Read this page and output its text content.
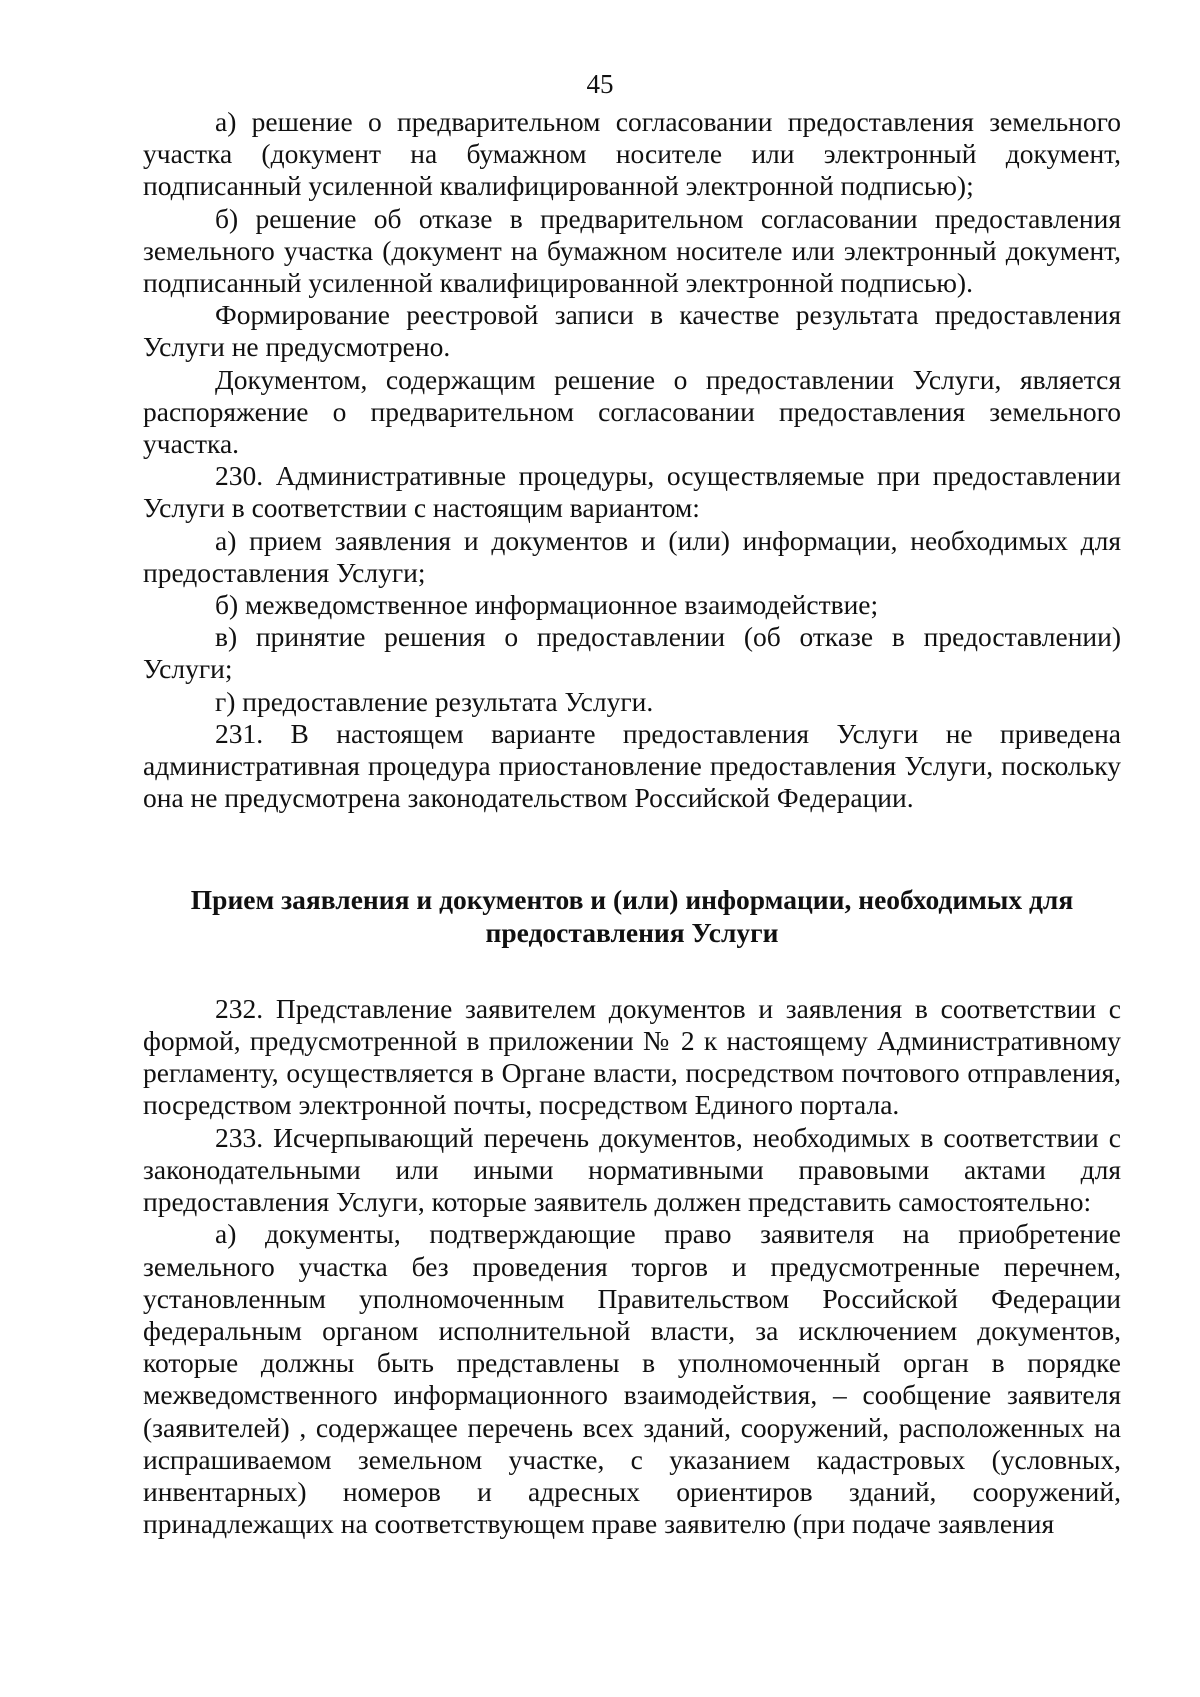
45

а) решение о предварительном согласовании предоставления земельного участка (документ на бумажном носителе или электронный документ, подписанный усиленной квалифицированной электронной подписью);

б) решение об отказе в предварительном согласовании предоставления земельного участка (документ на бумажном носителе или электронный документ, подписанный усиленной квалифицированной электронной подписью).

Формирование реестровой записи в качестве результата предоставления Услуги не предусмотрено.

Документом, содержащим решение о предоставлении Услуги, является распоряжение о предварительном согласовании предоставления земельного участка.

230. Административные процедуры, осуществляемые при предоставлении Услуги в соответствии с настоящим вариантом:

а) прием заявления и документов и (или) информации, необходимых для предоставления Услуги;

б) межведомственное информационное взаимодействие;

в) принятие решения о предоставлении (об отказе в предоставлении) Услуги;

г) предоставление результата Услуги.

231. В настоящем варианте предоставления Услуги не приведена административная процедура приостановление предоставления Услуги, поскольку она не предусмотрена законодательством Российской Федерации.

Прием заявления и документов и (или) информации, необходимых для предоставления Услуги

232. Представление заявителем документов и заявления в соответствии с формой, предусмотренной в приложении № 2 к настоящему Административному регламенту, осуществляется в Органе власти, посредством почтового отправления, посредством электронной почты, посредством Единого портала.

233. Исчерпывающий перечень документов, необходимых в соответствии с законодательными или иными нормативными правовыми актами для предоставления Услуги, которые заявитель должен представить самостоятельно:

а) документы, подтверждающие право заявителя на приобретение земельного участка без проведения торгов и предусмотренные перечнем, установленным уполномоченным Правительством Российской Федерации федеральным органом исполнительной власти, за исключением документов, которые должны быть представлены в уполномоченный орган в порядке межведомственного информационного взаимодействия, – сообщение заявителя (заявителей) , содержащее перечень всех зданий, сооружений, расположенных на испрашиваемом земельном участке, с указанием кадастровых (условных, инвентарных) номеров и адресных ориентиров зданий, сооружений, принадлежащих на соответствующем праве заявителю (при подаче заявления
